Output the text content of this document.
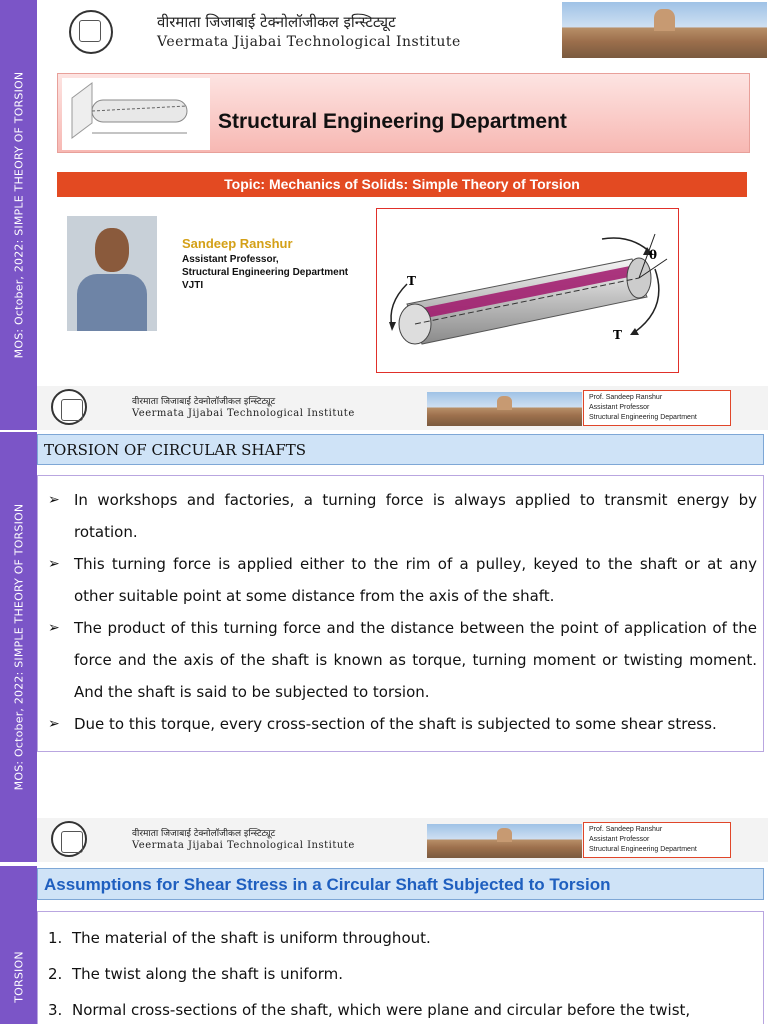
MOS: October, 2022: SIMPLE THEORY OF TORSION
वीरमाता जिजाबाई टेक्नोलॉजीकल इन्स्टिट्यूट
Veermata Jijabai Technological Institute
Structural Engineering Department
Topic: Mechanics of Solids: Simple Theory of Torsion
Sandeep Ranshur
Assistant Professor,
Structural Engineering Department
VJTI	T
T
θ
वीरमाता जिजाबाई टेक्नोलॉजीकल इन्स्टिट्यूट
Veermata Jijabai Technological Institute
Prof. Sandeep Ranshur
Assistant Professor
Structural Engineering Department
MOS: October, 2022: SIMPLE THEORY OF TORSION
TORSION OF CIRCULAR SHAFTS
➢ In workshops and factories, a turning force is always applied to transmit energy by rotation.
➢ This turning force is applied either to the rim of a pulley, keyed to the shaft or at any other suitable point at some distance from the axis of the shaft.
➢ The product of this turning force and the distance between the point of application of the force and the axis of the shaft is known as torque, turning moment or twisting moment. And the shaft is said to be subjected to torsion.
➢ Due to this torque, every cross-section of the shaft is subjected to some shear stress.
वीरमाता जिजाबाई टेक्नोलॉजीकल इन्स्टिट्यूट
Veermata Jijabai Technological Institute
Prof. Sandeep Ranshur
Assistant Professor
Structural Engineering Department
TORSION
Assumptions for Shear Stress in a Circular Shaft Subjected to Torsion
1. The material of the shaft is uniform throughout.
2. The twist along the shaft is uniform.
3. Normal cross-sections of the shaft, which were plane and circular before the twist,
